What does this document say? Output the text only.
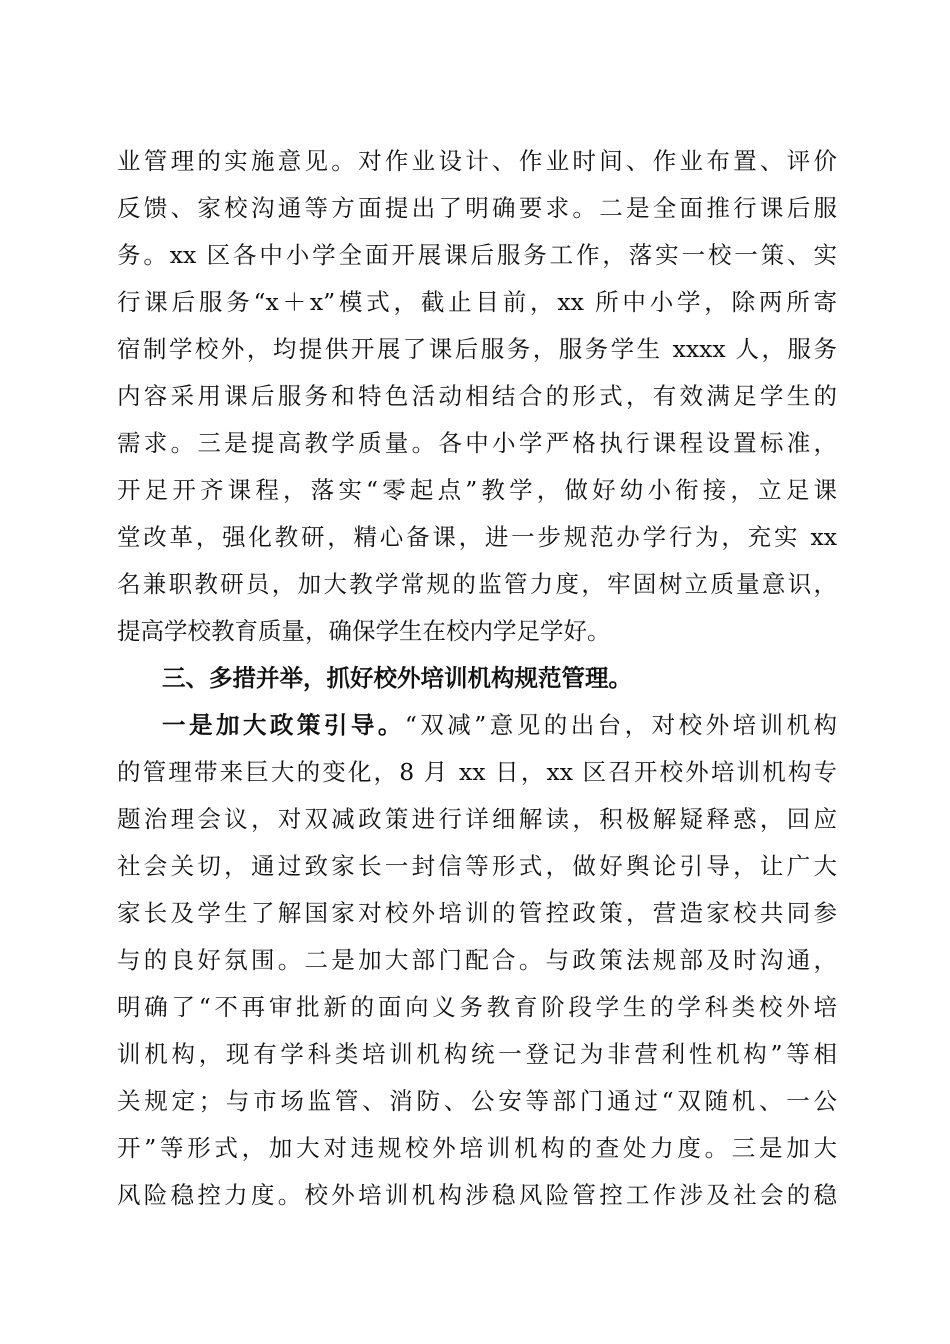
业管理的实施意见。对作业设计、作业时间、作业布置、评价
反馈、家校沟通等方面提出了明确要求。二是全面推行课后服
务。xx 区各中小学全面开展课后服务工作，落实一校一策、实
行课后服务“x＋x”模式，截止目前，xx 所中小学，除两所寄
宿制学校外，均提供开展了课后服务，服务学生 xxxx 人，服务
内容采用课后服务和特色活动相结合的形式，有效满足学生的
需求。三是提高教学质量。各中小学严格执行课程设置标准，
开足开齐课程，落实“零起点”教学，做好幼小衔接，立足课
堂改革，强化教研，精心备课，进一步规范办学行为，充实 xx
名兼职教研员，加大教学常规的监管力度，牢固树立质量意识，
提高学校教育质量，确保学生在校内学足学好。
三、多措并举，抓好校外培训机构规范管理。
一是加大政策引导。“双减”意见的出台，对校外培训机构
的管理带来巨大的变化，8 月 xx 日，xx 区召开校外培训机构专
题治理会议，对双减政策进行详细解读，积极解疑释惑，回应
社会关切，通过致家长一封信等形式，做好舆论引导，让广大
家长及学生了解国家对校外培训的管控政策，营造家校共同参
与的良好氛围。二是加大部门配合。与政策法规部及时沟通，
明确了“不再审批新的面向义务教育阶段学生的学科类校外培
训机构，现有学科类培训机构统一登记为非营利性机构”等相
关规定；与市场监管、消防、公安等部门通过“双随机、一公
开”等形式，加大对违规校外培训机构的查处力度。三是加大
风险稳控力度。校外培训机构涉稳风险管控工作涉及社会的稳
